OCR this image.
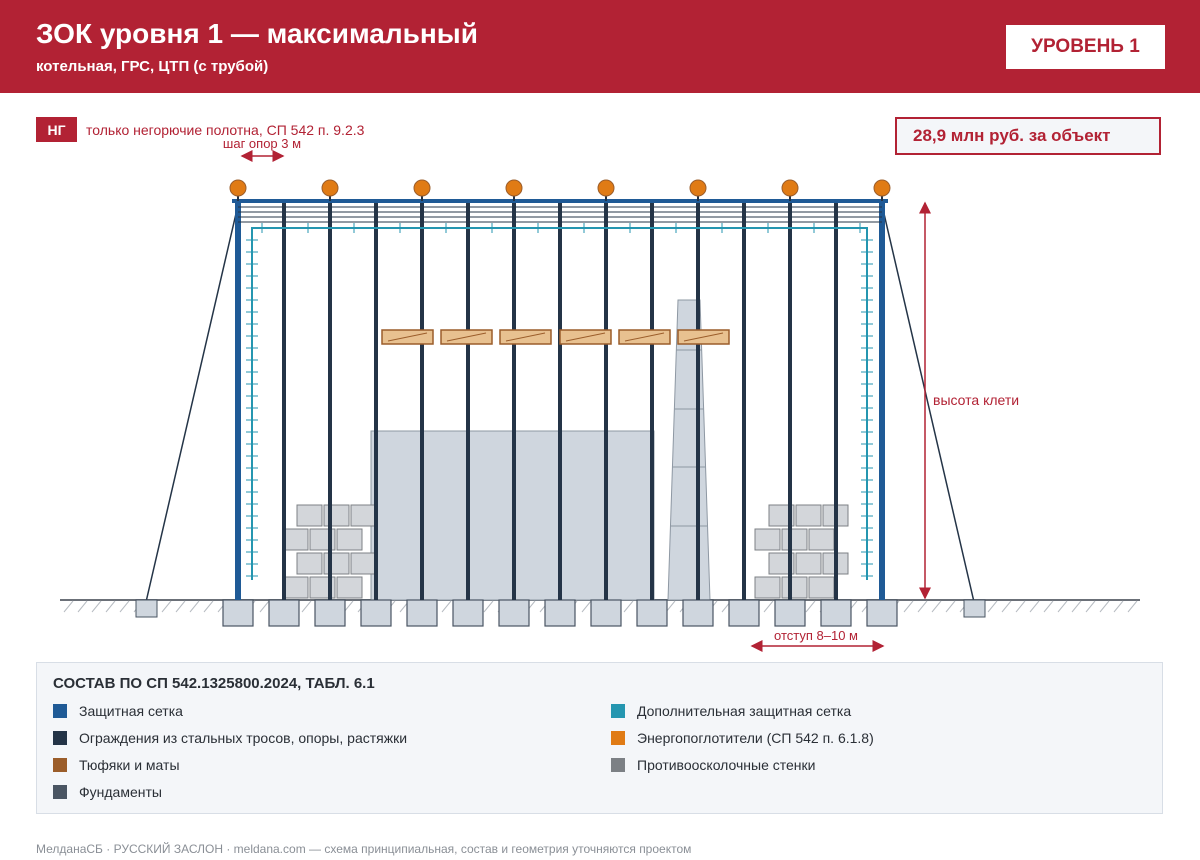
ЗОК уровня 1 — максимальный
котельная, ГРС, ЦТП (с трубой)
УРОВЕНЬ 1
НГ	только негорючие полотна, СП 542 п. 9.2.3	28,9 млн руб. за объект
шаг опор 3 м
высота клети
отступ 8–10 м
СОСТАВ ПО СП 542.1325800.2024, ТАБЛ. 6.1
Защитная сетка	Дополнительная защитная сетка
Ограждения из стальных тросов, опоры, растяжки	Энергопоглотители (СП 542 п. 6.1.8)
Тюфяки и маты	Противоосколочные стенки
Фундаменты
МелданаСБ · РУССКИЙ ЗАСЛОН · meldana.com — схема принципиальная, состав и геометрия уточняются проектом
